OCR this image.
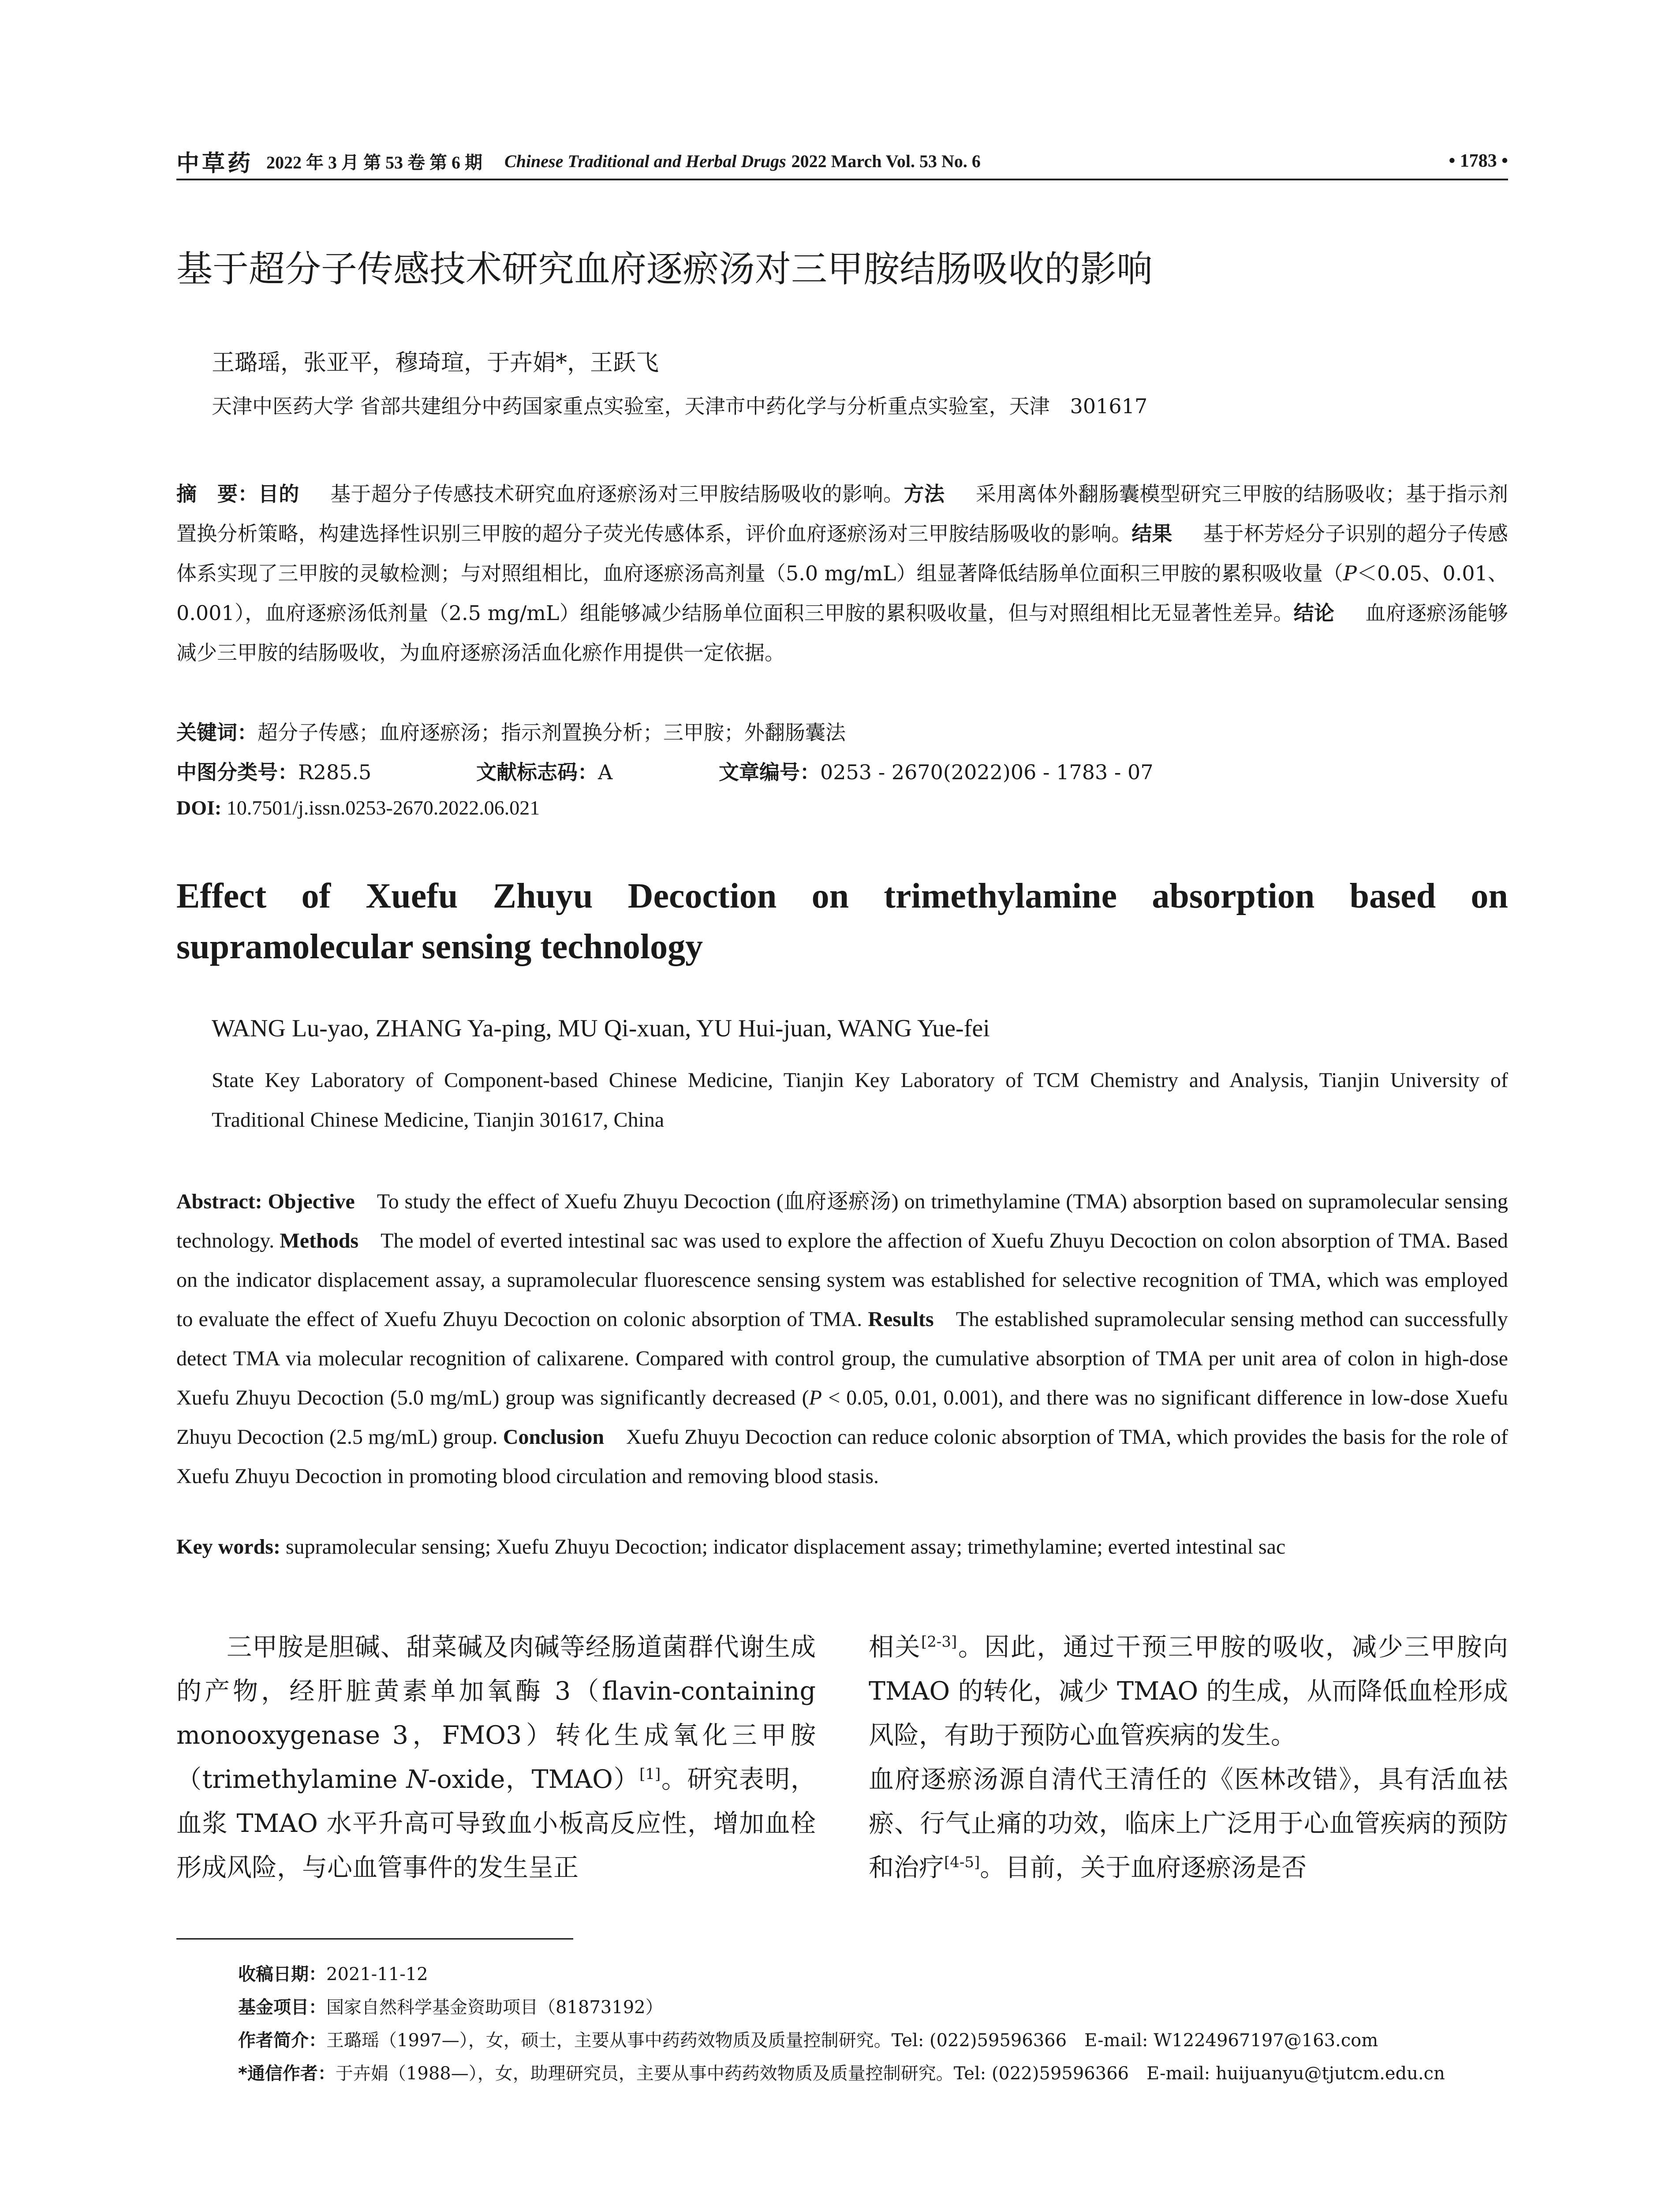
中草药 2022 年 3 月 第 53 卷 第 6 期 Chinese Traditional and Herbal Drugs 2022 March Vol. 53 No. 6	• 1783 •
基于超分子传感技术研究血府逐瘀汤对三甲胺结肠吸收的影响
王璐瑶，张亚平，穆琦瑄，于卉娟*，王跃飞
天津中医药大学 省部共建组分中药国家重点实验室，天津市中药化学与分析重点实验室，天津　301617
摘　要：目的 基于超分子传感技术研究血府逐瘀汤对三甲胺结肠吸收的影响。方法 采用离体外翻肠囊模型研究三甲胺的结肠吸收；基于指示剂置换分析策略，构建选择性识别三甲胺的超分子荧光传感体系，评价血府逐瘀汤对三甲胺结肠吸收的影响。结果 基于杯芳烃分子识别的超分子传感体系实现了三甲胺的灵敏检测；与对照组相比，血府逐瘀汤高剂量（5.0 mg/mL）组显著降低结肠单位面积三甲胺的累积吸收量（P＜0.05、0.01、0.001），血府逐瘀汤低剂量（2.5 mg/mL）组能够减少结肠单位面积三甲胺的累积吸收量，但与对照组相比无显著性差异。结论 血府逐瘀汤能够减少三甲胺的结肠吸收，为血府逐瘀汤活血化瘀作用提供一定依据。
关键词：超分子传感；血府逐瘀汤；指示剂置换分析；三甲胺；外翻肠囊法
中图分类号：R285.5	文献标志码：A	文章编号：0253 - 2670(2022)06 - 1783 - 07
DOI: 10.7501/j.issn.0253-2670.2022.06.021
Effect of Xuefu Zhuyu Decoction on trimethylamine absorption based on supramolecular sensing technology
WANG Lu-yao, ZHANG Ya-ping, MU Qi-xuan, YU Hui-juan, WANG Yue-fei
State Key Laboratory of Component-based Chinese Medicine, Tianjin Key Laboratory of TCM Chemistry and Analysis, Tianjin University of Traditional Chinese Medicine, Tianjin 301617, China
Abstract: Objective To study the effect of Xuefu Zhuyu Decoction (血府逐瘀汤) on trimethylamine (TMA) absorption based on supramolecular sensing technology. Methods The model of everted intestinal sac was used to explore the affection of Xuefu Zhuyu Decoction on colon absorption of TMA. Based on the indicator displacement assay, a supramolecular fluorescence sensing system was established for selective recognition of TMA, which was employed to evaluate the effect of Xuefu Zhuyu Decoction on colonic absorption of TMA. Results The established supramolecular sensing method can successfully detect TMA via molecular recognition of calixarene. Compared with control group, the cumulative absorption of TMA per unit area of colon in high-dose Xuefu Zhuyu Decoction (5.0 mg/mL) group was significantly decreased (P < 0.05, 0.01, 0.001), and there was no significant difference in low-dose Xuefu Zhuyu Decoction (2.5 mg/mL) group. Conclusion Xuefu Zhuyu Decoction can reduce colonic absorption of TMA, which provides the basis for the role of Xuefu Zhuyu Decoction in promoting blood circulation and removing blood stasis.
Key words: supramolecular sensing; Xuefu Zhuyu Decoction; indicator displacement assay; trimethylamine; everted intestinal sac
三甲胺是胆碱、甜菜碱及肉碱等经肠道菌群代谢生成的产物，经肝脏黄素单加氧酶 3（flavin-containing monooxygenase 3，FMO3）转化生成氧化三甲胺（trimethylamine N-oxide，TMAO）[1]。研究表明，血浆 TMAO 水平升高可导致血小板高反应性，增加血栓形成风险，与心血管事件的发生呈正
相关[2-3]。因此，通过干预三甲胺的吸收，减少三甲胺向 TMAO 的转化，减少 TMAO 的生成，从而降低血栓形成风险，有助于预防心血管疾病的发生。
血府逐瘀汤源自清代王清任的《医林改错》，具有活血祛瘀、行气止痛的功效，临床上广泛用于心血管疾病的预防和治疗[4-5]。目前，关于血府逐瘀汤是否
收稿日期：2021-11-12
基金项目：国家自然科学基金资助项目（81873192）
作者简介：王璐瑶（1997—），女，硕士，主要从事中药药效物质及质量控制研究。Tel: (022)59596366　E-mail: W1224967197@163.com
*通信作者：于卉娟（1988—），女，助理研究员，主要从事中药药效物质及质量控制研究。Tel: (022)59596366　E-mail: huijuanyu@tjutcm.edu.cn
